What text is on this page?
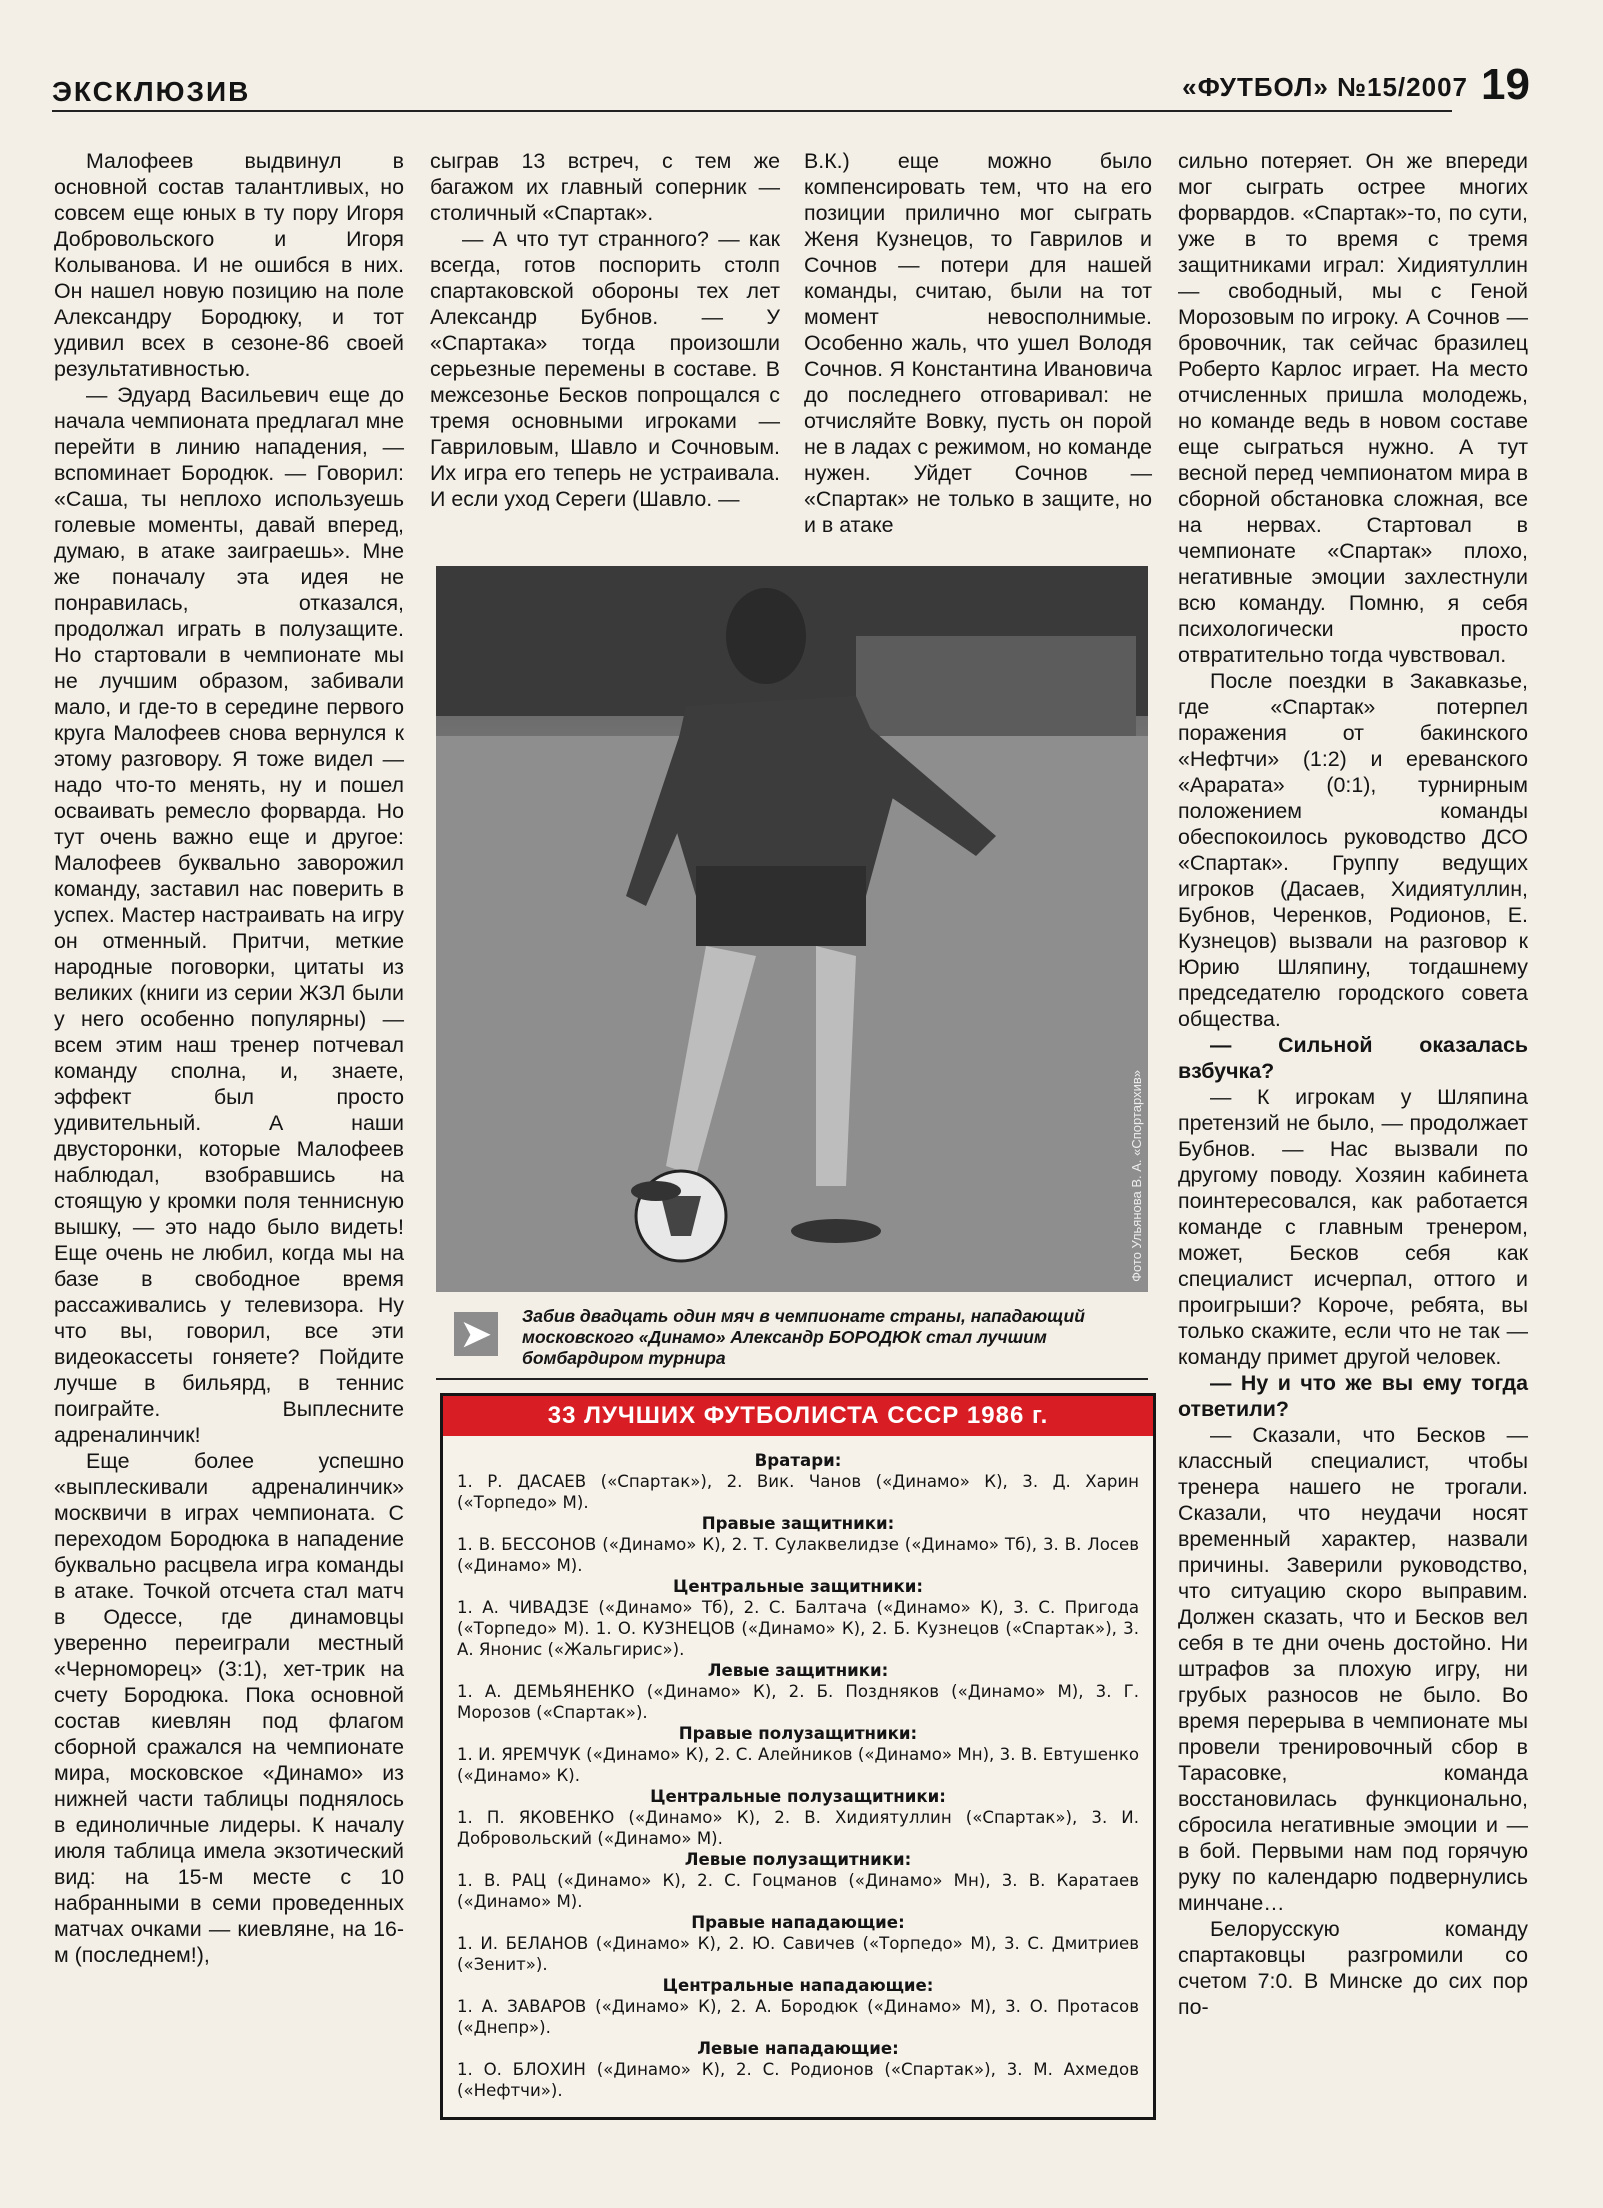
ЭКСКЛЮЗИВ	«ФУТБОЛ» №15/2007 19

Малофеев выдвинул в основной состав талантливых, но совсем еще юных в ту пору Игоря Добровольского и Игоря Колыванова. И не ошибся в них. Он нашел новую позицию на поле Александру Бородюку, и тот удивил всех в сезоне-86 своей результативностью.

— Эдуард Васильевич еще до начала чемпионата предлагал мне перейти в линию нападения, — вспоминает Бородюк. — Говорил: «Саша, ты неплохо используешь голевые моменты, давай вперед, думаю, в атаке заиграешь». Мне же поначалу эта идея не понравилась, отказался, продолжал играть в полузащите. Но стартовали в чемпионате мы не лучшим образом, забивали мало, и где-то в середине первого круга Малофеев снова вернулся к этому разговору. Я тоже видел — надо что-то менять, ну и пошел осваивать ремесло форварда. Но тут очень важно еще и другое: Малофеев буквально заворожил команду, заставил нас поверить в успех. Мастер настраивать на игру он отменный. Притчи, меткие народные поговорки, цитаты из великих (книги из серии ЖЗЛ были у него особенно популярны) — всем этим наш тренер потчевал команду сполна, и, знаете, эффект был просто удивительный. А наши двусторонки, которые Малофеев наблюдал, взобравшись на стоящую у кромки поля теннисную вышку, — это надо было видеть! Еще очень не любил, когда мы на базе в свободное время рассаживались у телевизора. Ну что вы, говорил, все эти видеокассеты гоняете? Пойдите лучше в бильярд, в теннис поиграйте. Выплесните адреналинчик!

Еще более успешно «выплескивали адреналинчик» москвичи в играх чемпионата. С переходом Бородюка в нападение буквально расцвела игра команды в атаке. Точкой отсчета стал матч в Одессе, где динамовцы уверенно переиграли местный «Черноморец» (3:1), хет-трик на счету Бородюка. Пока основной состав киевлян под флагом сборной сражался на чемпионате мира, московское «Динамо» из нижней части таблицы поднялось в единоличные лидеры. К началу июля таблица имела экзотический вид: на 15-м месте с 10 набранными в семи проведенных матчах очками — киевляне, на 16-м (последнем!),

сыграв 13 встреч, с тем же багажом их главный соперник — столичный «Спартак».

— А что тут странного? — как всегда, готов поспорить столп спартаковской обороны тех лет Александр Бубнов. — У «Спартака» тогда произошли серьезные перемены в составе. В межсезонье Бесков попрощался с тремя основными игроками — Гавриловым, Шавло и Сочновым. Их игра его теперь не устраивала. И если уход Сереги (Шавло. —

В.К.) еще можно было компенсировать тем, что на его позиции прилично мог сыграть Женя Кузнецов, то Гаврилов и Сочнов — потери для нашей команды, считаю, были на тот момент невосполнимые. Особенно жаль, что ушел Володя Сочнов. Я Константина Ивановича до последнего отговаривал: не отчисляйте Вовку, пусть он порой не в ладах с режимом, но команде нужен. Уйдет Сочнов — «Спартак» не только в защите, но и в атаке

сильно потеряет. Он же впереди мог сыграть острее многих форвардов. «Спартак»-то, по сути, уже в то время с тремя защитниками играл: Хидиятуллин — свободный, мы с Геной Морозовым по игроку. А Сочнов — бровочник, так сейчас бразилец Роберто Карлос играет. На место отчисленных пришла молодежь, но команде ведь в новом составе еще сыграться нужно. А тут весной перед чемпионатом мира в сборной обстановка сложная, все на нервах. Стартовал в чемпионате «Спартак» плохо, негативные эмоции захлестнули всю команду. Помню, я себя психологически просто отвратительно тогда чувствовал.

После поездки в Закавказье, где «Спартак» потерпел поражения от бакинского «Нефтчи» (1:2) и ереванского «Арарата» (0:1), турнирным положением команды обеспокоилось руководство ДСО «Спартак». Группу ведущих игроков (Дасаев, Хидиятуллин, Бубнов, Черенков, Родионов, Е. Кузнецов) вызвали на разговор к Юрию Шляпину, тогдашнему председателю городского совета общества.

— Сильной оказалась взбучка?

— К игрокам у Шляпина претензий не было, — продолжает Бубнов. — Нас вызвали по другому поводу. Хозяин кабинета поинтересовался, как работается команде с главным тренером, может, Бесков себя как специалист исчерпал, оттого и проигрыши? Короче, ребята, вы только скажите, если что не так — команду примет другой человек.

— Ну и что же вы ему тогда ответили?

— Сказали, что Бесков — классный специалист, чтобы тренера нашего не трогали. Сказали, что неудачи носят временный характер, назвали причины. Заверили руководство, что ситуацию скоро выправим. Должен сказать, что и Бесков вел себя в те дни очень достойно. Ни штрафов за плохую игру, ни грубых разносов не было. Во время перерыва в чемпионате мы провели тренировочный сбор в Тарасовке, команда восстановилась функционально, сбросила негативные эмоции и — в бой. Первыми нам под горячую руку по календарю подвернулись минчане…

Белорусскую команду спартаковцы разгромили со счетом 7:0. В Минске до сих пор по-

Фото Ульянова В. А. «Спортархив»
➤	Забив двадцать один мяч в чемпионате страны, нападающий московского «Динамо» Александр БОРОДЮК стал лучшим бомбардиром турнира
33 ЛУЧШИХ ФУТБОЛИСТА СССР 1986 г.
Вратари:
1. Р. ДАСАЕВ («Спартак»), 2. Вик. Чанов («Динамо» К), 3. Д. Харин («Торпедо» М).
Правые защитники:
1. В. БЕССОНОВ («Динамо» К), 2. Т. Сулаквелидзе («Динамо» Тб), 3. В. Лосев («Динамо» М).
Центральные защитники:
1. А. ЧИВАДЗЕ («Динамо» Тб), 2. С. Балтача («Динамо» К), 3. С. Пригода («Торпедо» М). 1. О. КУЗНЕЦОВ («Динамо» К), 2. Б. Кузнецов («Спартак»), 3. А. Янонис («Жальгирис»).
Левые защитники:
1. А. ДЕМЬЯНЕНКО («Динамо» К), 2. Б. Поздняков («Динамо» М), 3. Г. Морозов («Спартак»).
Правые полузащитники:
1. И. ЯРЕМЧУК («Динамо» К), 2. С. Алейников («Динамо» Мн), 3. В. Евтушенко («Динамо» К).
Центральные полузащитники:
1. П. ЯКОВЕНКО («Динамо» К), 2. В. Хидиятуллин («Спартак»), 3. И. Добровольский («Динамо» М).
Левые полузащитники:
1. В. РАЦ («Динамо» К), 2. С. Гоцманов («Динамо» Мн), 3. В. Каратаев («Динамо» М).
Правые нападающие:
1. И. БЕЛАНОВ («Динамо» К), 2. Ю. Савичев («Торпедо» М), 3. С. Дмитриев («Зенит»).
Центральные нападающие:
1. А. ЗАВАРОВ («Динамо» К), 2. А. Бородюк («Динамо» М), 3. О. Протасов («Днепр»).
Левые нападающие:
1. О. БЛОХИН («Динамо» К), 2. С. Родионов («Спартак»), 3. М. Ахмедов («Нефтчи»).
